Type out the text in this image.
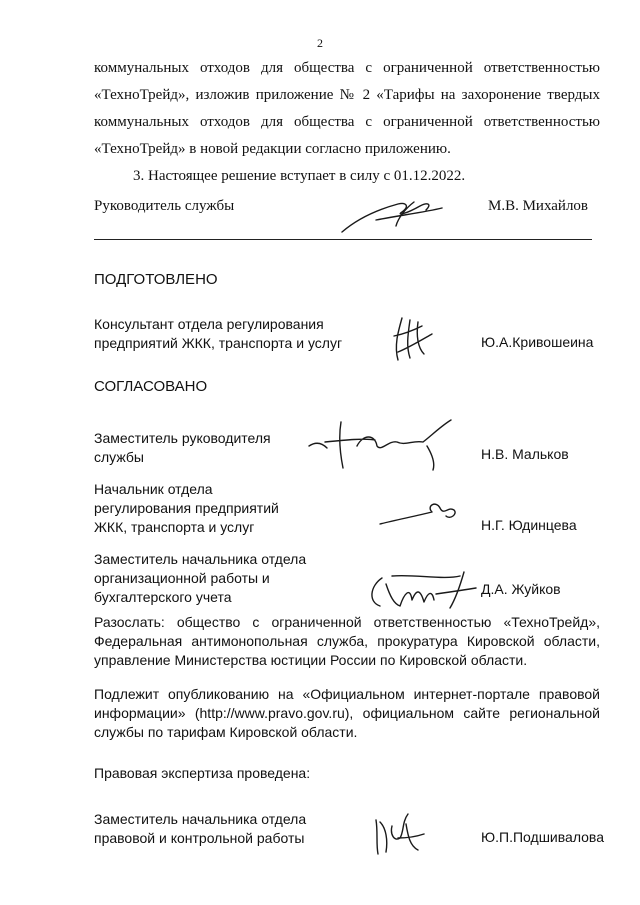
2
коммунальных отходов для общества с ограниченной ответственностью
«ТехноТрейд», изложив приложение № 2 «Тарифы на захоронение твердых
коммунальных отходов для общества с ограниченной ответственностью
«ТехноТрейд» в новой редакции согласно приложению.
3. Настоящее решение вступает в силу с 01.12.2022.
Руководитель службы	М.В. Михайлов
ПОДГОТОВЛЕНО
Консультант отдела регулирования
предприятий ЖКК, транспорта и услуг	Ю.А.Кривошеина
СОГЛАСОВАНО
Заместитель руководителя
службы	Н.В. Мальков
Начальник отдела
регулирования предприятий
ЖКК, транспорта и услуг	Н.Г. Юдинцева
Заместитель начальника отдела
организационной работы и
бухгалтерского учета	Д.А. Жуйков
Разослать: общество с ограниченной ответственностью «ТехноТрейд»,
Федеральная антимонопольная служба, прокуратура Кировской области,
управление Министерства юстиции России по Кировской области.
Подлежит опубликованию на «Официальном интернет-портале правовой
информации» (http://www.pravo.gov.ru), официальном сайте региональной
службы по тарифам Кировской области.
Правовая экспертиза проведена:
Заместитель начальника отдела
правовой и контрольной работы	Ю.П.Подшивалова
